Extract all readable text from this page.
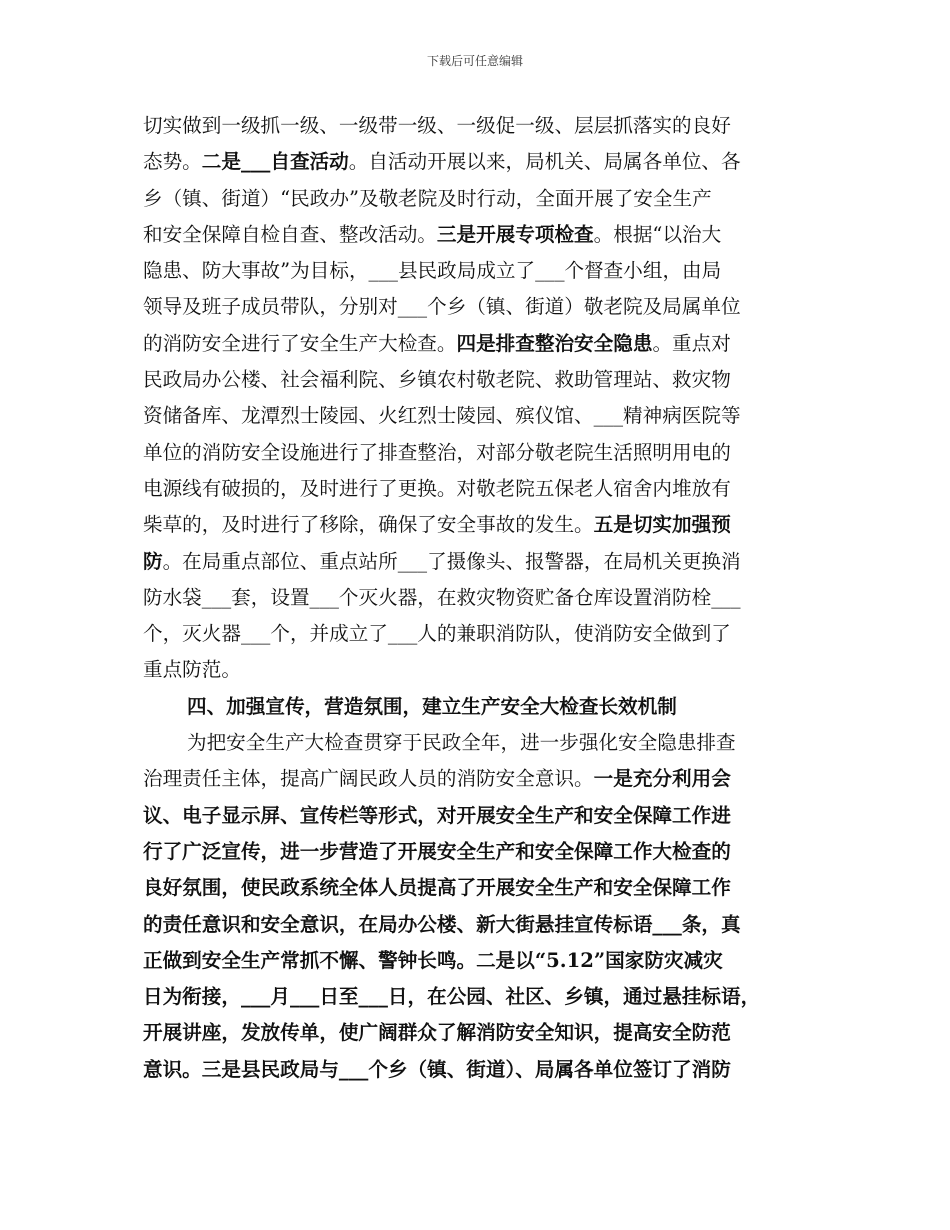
下载后可任意编辑
切实做到一级抓一级、一级带一级、一级促一级、层层抓落实的良好
态势。二是___自查活动。自活动开展以来，局机关、局属各单位、各
乡（镇、街道）“民政办”及敬老院及时行动，全面开展了安全生产
和安全保障自检自查、整改活动。三是开展专项检查。根据“以治大
隐患、防大事故”为目标，___县民政局成立了___个督查小组，由局
领导及班子成员带队，分别对___个乡（镇、街道）敬老院及局属单位
的消防安全进行了安全生产大检查。四是排查整治安全隐患。重点对
民政局办公楼、社会福利院、乡镇农村敬老院、救助管理站、救灾物
资储备库、龙潭烈士陵园、火红烈士陵园、殡仪馆、___精神病医院等
单位的消防安全设施进行了排查整治，对部分敬老院生活照明用电的
电源线有破损的，及时进行了更换。对敬老院五保老人宿舍内堆放有
柴草的，及时进行了移除，确保了安全事故的发生。五是切实加强预
防。在局重点部位、重点站所___了摄像头、报警器，在局机关更换消
防水袋___套，设置___个灭火器，在救灾物资贮备仓库设置消防栓___
个，灭火器___个，并成立了___人的兼职消防队，使消防安全做到了
重点防范。
四、加强宣传，营造氛围，建立生产安全大检查长效机制
为把安全生产大检查贯穿于民政全年，进一步强化安全隐患排查
治理责任主体，提高广阔民政人员的消防安全意识。一是充分利用会
议、电子显示屏、宣传栏等形式，对开展安全生产和安全保障工作进
行了广泛宣传，进一步营造了开展安全生产和安全保障工作大检查的
良好氛围，使民政系统全体人员提高了开展安全生产和安全保障工作
的责任意识和安全意识，在局办公楼、新大街悬挂宣传标语___条，真
正做到安全生产常抓不懈、警钟长鸣。二是以“5.12”国家防灾减灾
日为衔接，___月___日至___日，在公园、社区、乡镇，通过悬挂标语，
开展讲座，发放传单，使广阔群众了解消防安全知识，提高安全防范
意识。三是县民政局与___个乡（镇、街道）、局属各单位签订了消防
